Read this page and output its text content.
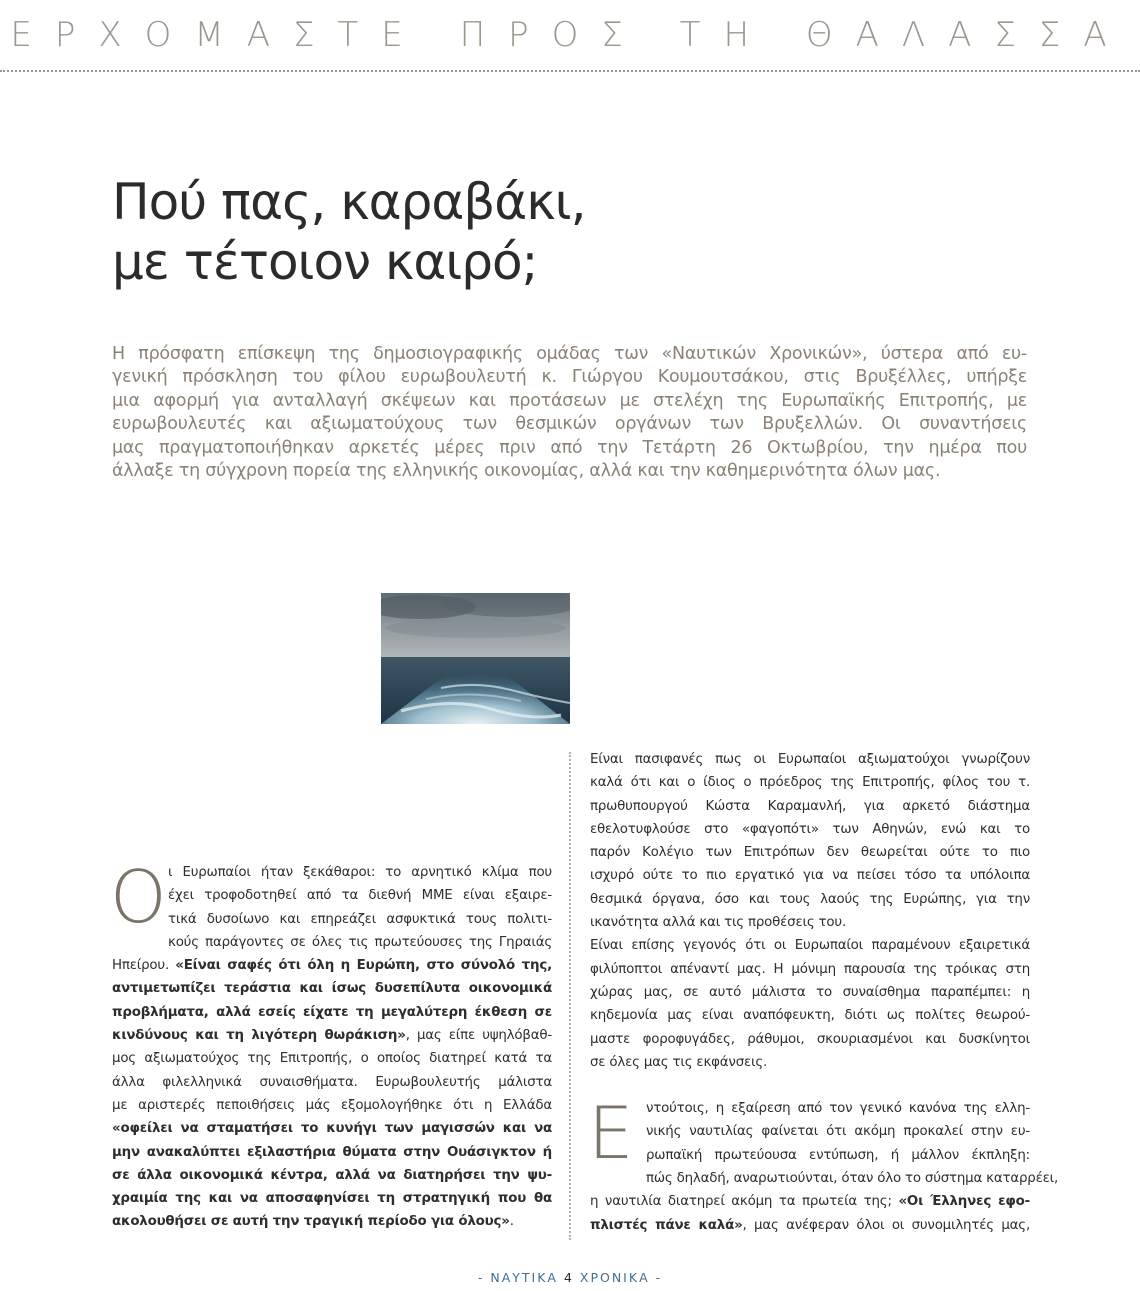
ΕΡΧΟΜΑΣΤΕ ΠΡΟΣ ΤΗ ΘΑΛΑΣΣΑ
Πού πας, καραβάκι,
με τέτοιον καιρό;
Η πρόσφατη επίσκεψη της δημοσιογραφικής ομάδας των «Ναυτικών Χρονικών», ύστερα από ευ-
γενική πρόσκληση του φίλου ευρωβουλευτή κ. Γιώργου Κουμουτσάκου, στις Βρυξέλλες, υπήρξε
μια αφορμή για ανταλλαγή σκέψεων και προτάσεων με στελέχη της Ευρωπαϊκής Επιτροπής, με
ευρωβουλευτές και αξιωματούχους των θεσμικών οργάνων των Βρυξελλών. Οι συναντήσεις
μας πραγματοποιήθηκαν αρκετές μέρες πριν από την Τετάρτη 26 Οκτωβρίου, την ημέρα που
άλλαξε τη σύγχρονη πορεία της ελληνικής οικονομίας, αλλά και την καθημερινότητα όλων μας.
Ο ι Ευρωπαίοι ήταν ξεκάθαροι: το αρνητικό κλίμα που
έχει τροφοδοτηθεί από τα διεθνή ΜΜΕ είναι εξαιρε-
τικά δυσοίωνο και επηρεάζει ασφυκτικά τους πολιτι-
κούς παράγοντες σε όλες τις πρωτεύουσες της Γηραιάς
Ηπείρου. «Είναι σαφές ότι όλη η Ευρώπη, στο σύνολό της,
αντιμετωπίζει τεράστια και ίσως δυσεπίλυτα οικονομικά
προβλήματα, αλλά εσείς είχατε τη μεγαλύτερη έκθεση σε
κινδύνους και τη λιγότερη θωράκιση», μας είπε υψηλόβαθ-
μος αξιωματούχος της Επιτροπής, ο οποίος διατηρεί κατά τα
άλλα φιλελληνικά συναισθήματα. Ευρωβουλευτής μάλιστα
με αριστερές πεποιθήσεις μάς εξομολογήθηκε ότι η Ελλάδα
«οφείλει να σταματήσει το κυνήγι των μαγισσών και να
μην ανακαλύπτει εξιλαστήρια θύματα στην Ουάσιγκτον ή
σε άλλα οικονομικά κέντρα, αλλά να διατηρήσει την ψυ-
χραιμία της και να αποσαφηνίσει τη στρατηγική που θα
ακολουθήσει σε αυτή την τραγική περίοδο για όλους».
Είναι πασιφανές πως οι Ευρωπαίοι αξιωματούχοι γνωρίζουν
καλά ότι και ο ίδιος ο πρόεδρος της Επιτροπής, φίλος του τ.
πρωθυπουργού Κώστα Καραμανλή, για αρκετό διάστημα
εθελοτυφλούσε στο «φαγοπότι» των Αθηνών, ενώ και το
παρόν Κολέγιο των Επιτρόπων δεν θεωρείται ούτε το πιο
ισχυρό ούτε το πιο εργατικό για να πείσει τόσο τα υπόλοιπα
θεσμικά όργανα, όσο και τους λαούς της Ευρώπης, για την
ικανότητα αλλά και τις προθέσεις του.
Είναι επίσης γεγονός ότι οι Ευρωπαίοι παραμένουν εξαιρετικά
φιλύποπτοι απέναντί μας. Η μόνιμη παρουσία της τρόικας στη
χώρας μας, σε αυτό μάλιστα το συναίσθημα παραπέμπει: η
κηδεμονία μας είναι αναπόφευκτη, διότι ως πολίτες θεωρού-
μαστε φοροφυγάδες, ράθυμοι, σκουριασμένοι και δυσκίνητοι
σε όλες μας τις εκφάνσεις.
Ε ντούτοις, η εξαίρεση από τον γενικό κανόνα της ελλη-
νικής ναυτιλίας φαίνεται ότι ακόμη προκαλεί στην ευ-
ρωπαϊκή πρωτεύουσα εντύπωση, ή μάλλον έκπληξη:
πώς δηλαδή, αναρωτιούνται, όταν όλο το σύστημα καταρρέει,
η ναυτιλία διατηρεί ακόμη τα πρωτεία της; «Οι Έλληνες εφο-
πλιστές πάνε καλά», μας ανέφεραν όλοι οι συνομιλητές μας,
- ΝΑΥΤΙΚΑ 4 ΧΡΟΝΙΚΑ -
